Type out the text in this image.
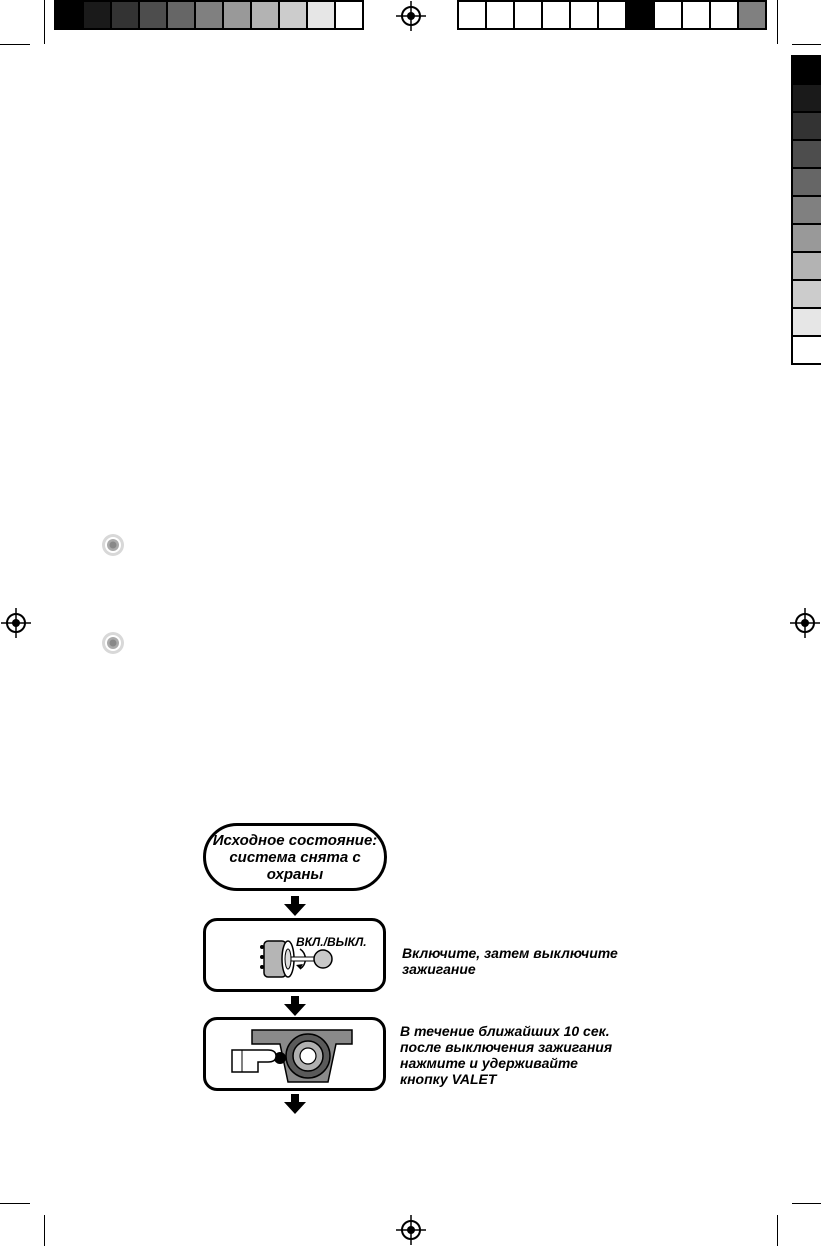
Исходное состояние:
система снята с
охраны
ВКЛ./ВЫКЛ.
Включите, затем выключите
зажигание
В течение ближайших 10 сек.
после выключения зажигания
нажмите и удерживайте
кнопку VALET
